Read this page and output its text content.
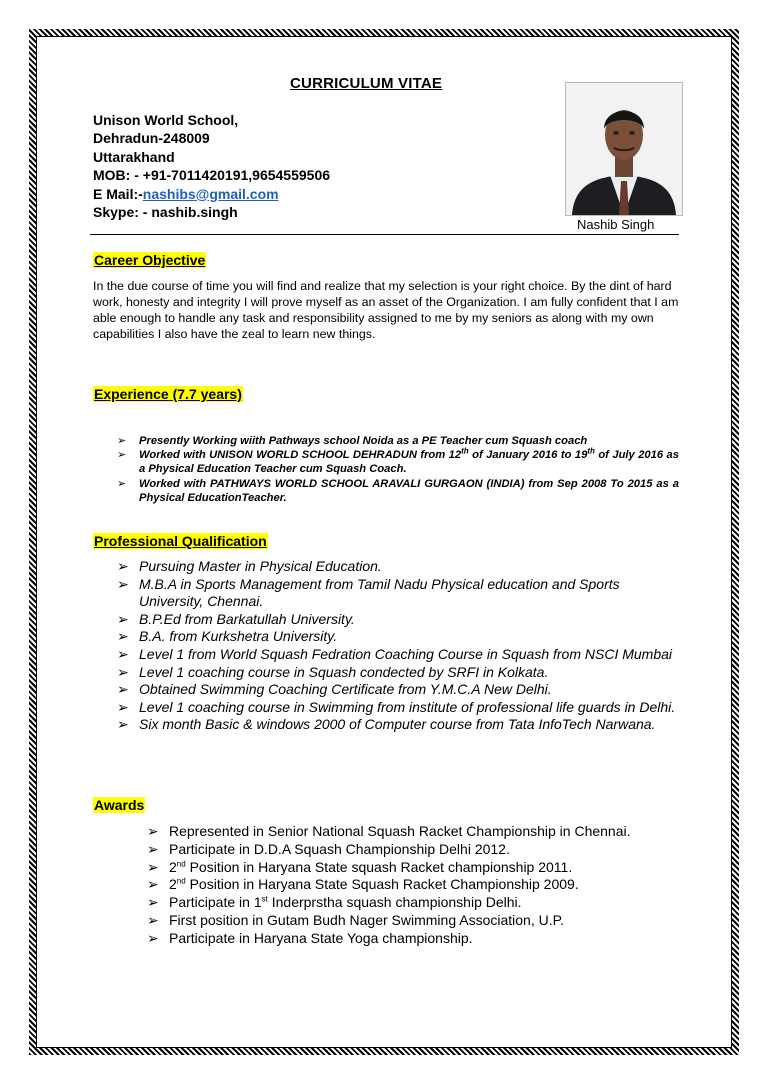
CURRICULUM VITAE
Unison World School,
Dehradun-248009
Uttarakhand
MOB: - +91-7011420191,9654559506
E Mail:-nashibs@gmail.com
Skype: - nashib.singh
Nashib Singh
Career Objective
In the due course of time you will find and realize that my selection is your right choice. By the dint of hard work, honesty and integrity I will prove myself as an asset of the Organization. I am fully confident that I am able enough to handle any task and responsibility assigned to me by my seniors as along with my own capabilities I also have the zeal to learn new things.
Experience (7.7 years)
➢ Presently Working wiith Pathways school Noida as a PE Teacher cum Squash coach
➢ Worked with UNISON WORLD SCHOOL DEHRADUN from 12th of January 2016 to 19th of July 2016 as a Physical Education Teacher cum Squash Coach.
➢ Worked with PATHWAYS WORLD SCHOOL ARAVALI GURGAON (INDIA) from Sep 2008 To 2015 as a Physical EducationTeacher.
Professional Qualification
➢ Pursuing Master in Physical Education.
➢ M.B.A in Sports Management from Tamil Nadu Physical education and Sports University, Chennai.
➢ B.P.Ed from Barkatullah University.
➢ B.A. from Kurkshetra University.
➢ Level 1 from World Squash Fedration Coaching Course in Squash from NSCI Mumbai
➢ Level 1 coaching course in Squash condected by SRFI in Kolkata.
➢ Obtained Swimming Coaching Certificate from Y.M.C.A New Delhi.
➢ Level 1 coaching course in Swimming from institute of professional life guards in Delhi.
➢ Six month Basic & windows 2000 of Computer course from Tata InfoTech Narwana.
Awards
➢ Represented in Senior National Squash Racket Championship in Chennai.
➢ Participate in D.D.A Squash Championship Delhi 2012.
➢ 2nd Position in Haryana State squash Racket championship 2011.
➢ 2nd Position in Haryana State Squash Racket Championship 2009.
➢ Participate in 1st Inderprstha squash championship Delhi.
➢ First position in Gutam Budh Nager Swimming Association, U.P.
➢ Participate in Haryana State Yoga championship.
